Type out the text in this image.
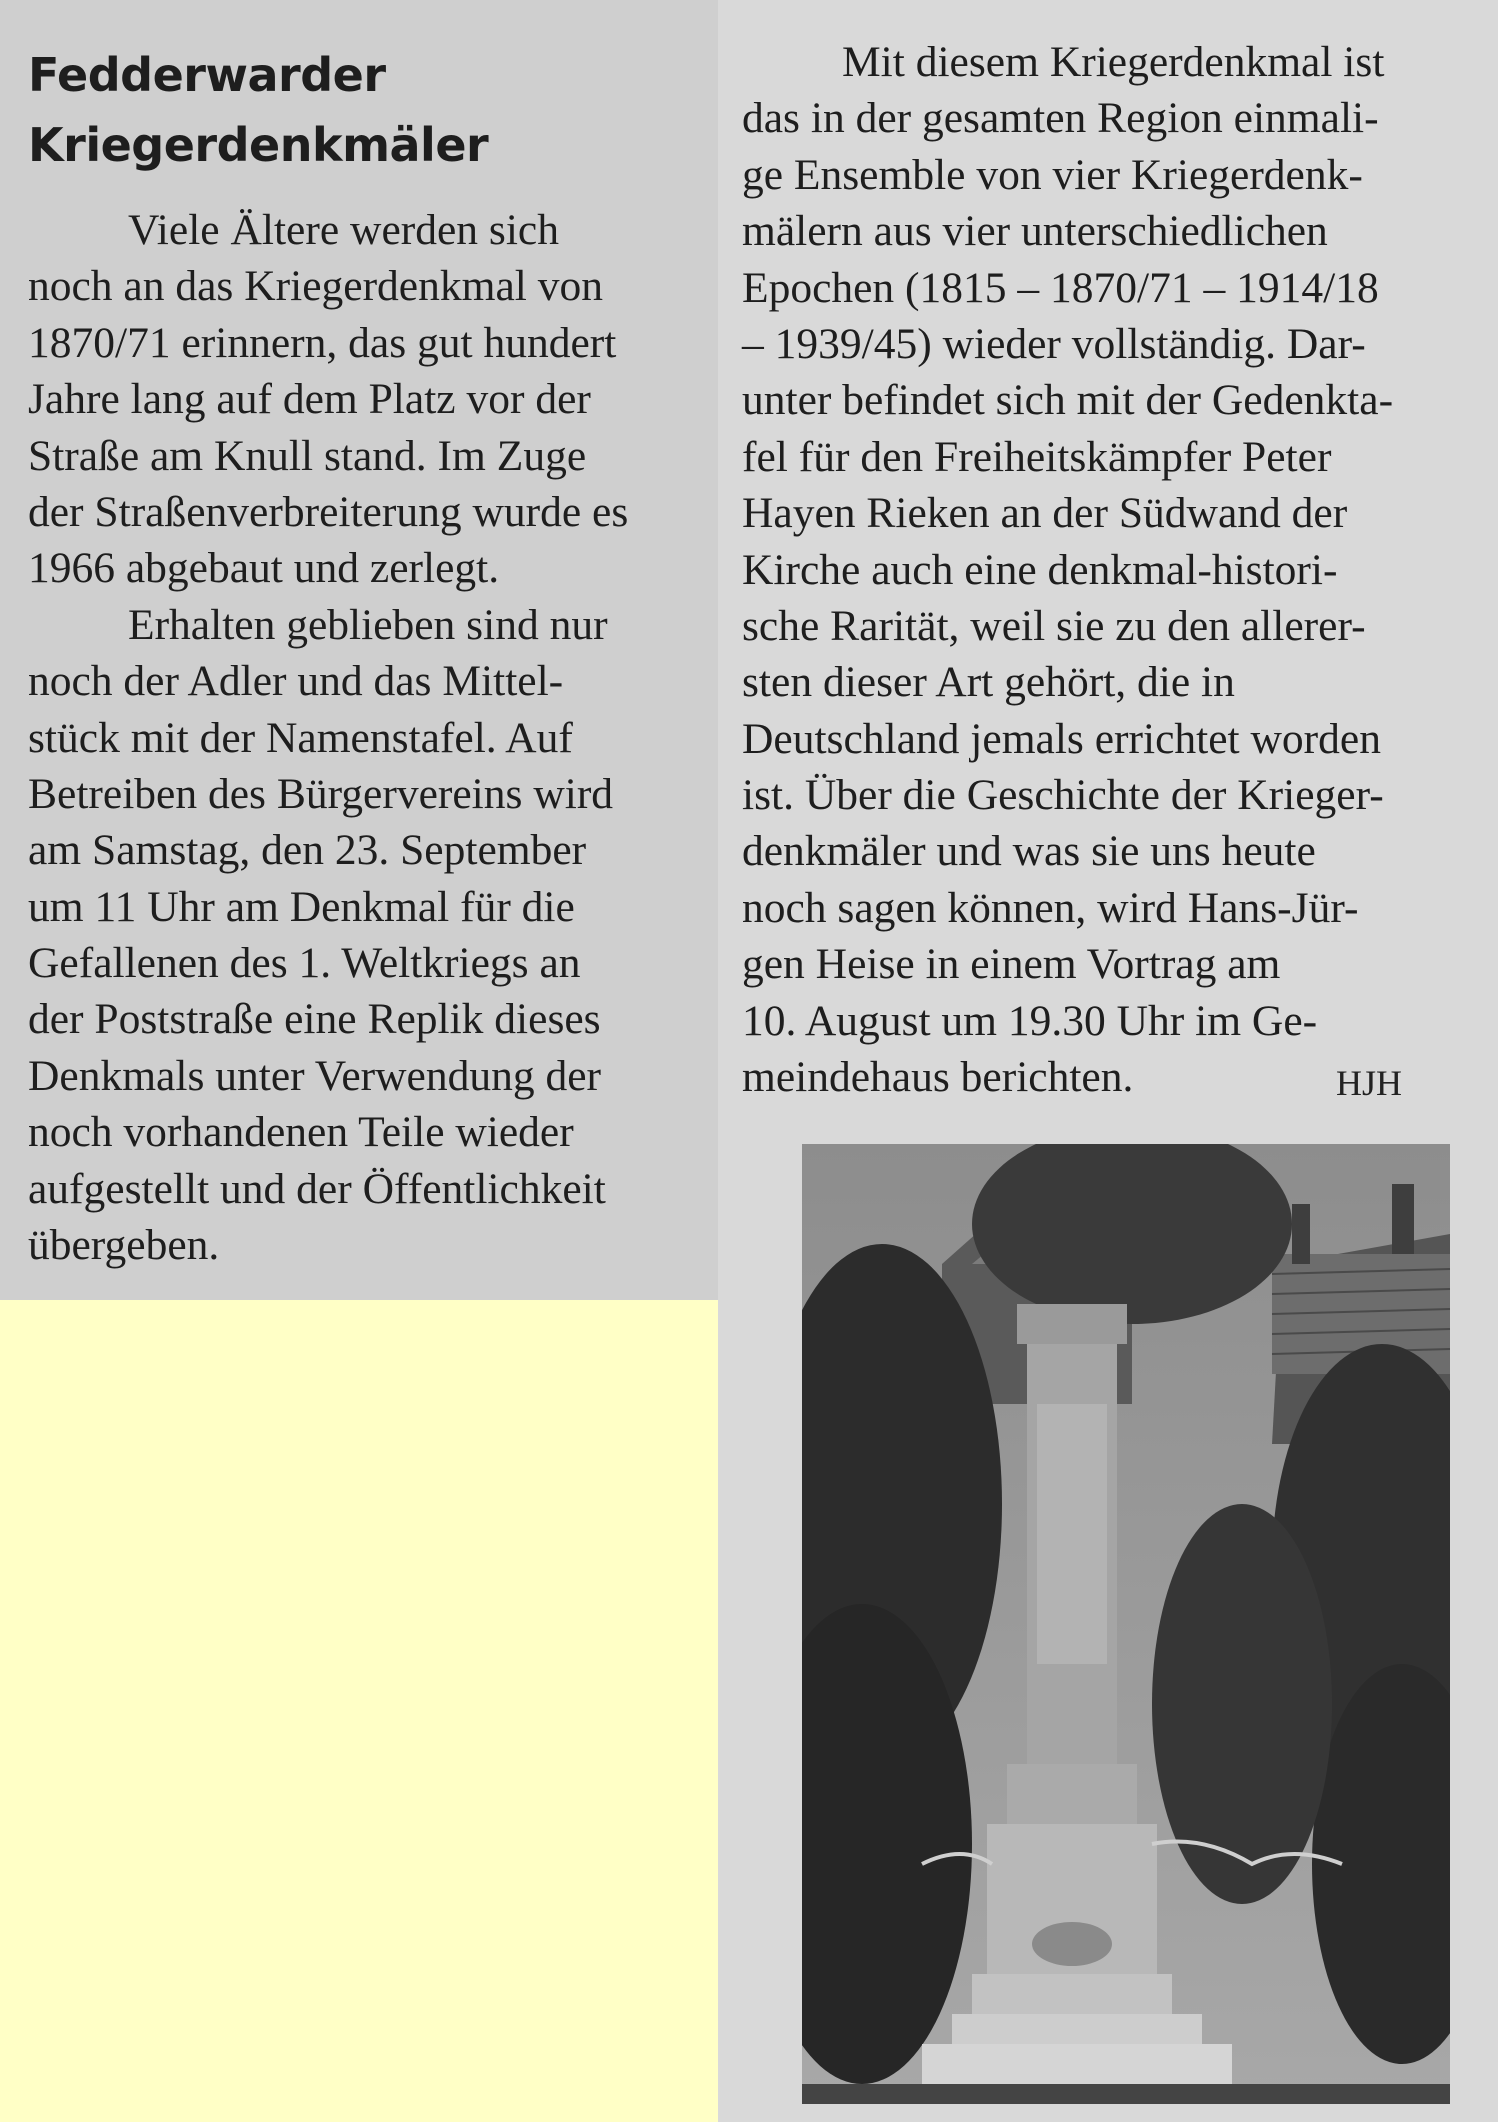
Fedderwarder
Kriegerdenkmäler
Viele Ältere werden sich
noch an das Kriegerdenkmal von
1870/71 erinnern, das gut hundert
Jahre lang auf dem Platz vor der
Straße am Knull stand. Im Zuge
der Straßenverbreiterung wurde es
1966 abgebaut und zerlegt.
Erhalten geblieben sind nur
noch der Adler und das Mittel-
stück mit der Namenstafel. Auf
Betreiben des Bürgervereins wird
am Samstag, den 23. September
um 11 Uhr am Denkmal für die
Gefallenen des 1. Weltkriegs an
der Poststraße eine Replik dieses
Denkmals unter Verwendung der
noch vorhandenen Teile wieder
aufgestellt und der Öffentlichkeit
übergeben.
Mit diesem Kriegerdenkmal ist
das in der gesamten Region einmali-
ge Ensemble von vier Kriegerdenk-
mälern aus vier unterschiedlichen
Epochen (1815 – 1870/71 – 1914/18
– 1939/45) wieder vollständig. Dar-
unter befindet sich mit der Gedenkta-
fel für den Freiheitskämpfer Peter
Hayen Rieken an der Südwand der
Kirche auch eine denkmal-histori-
sche Rarität, weil sie zu den allerer-
sten dieser Art gehört, die in
Deutschland jemals errichtet worden
ist. Über die Geschichte der Krieger-
denkmäler und was sie uns heute
noch sagen können, wird Hans-Jür-
gen Heise in einem Vortrag am
10. August um 19.30 Uhr im Ge-
meindehaus berichten.	HJH
